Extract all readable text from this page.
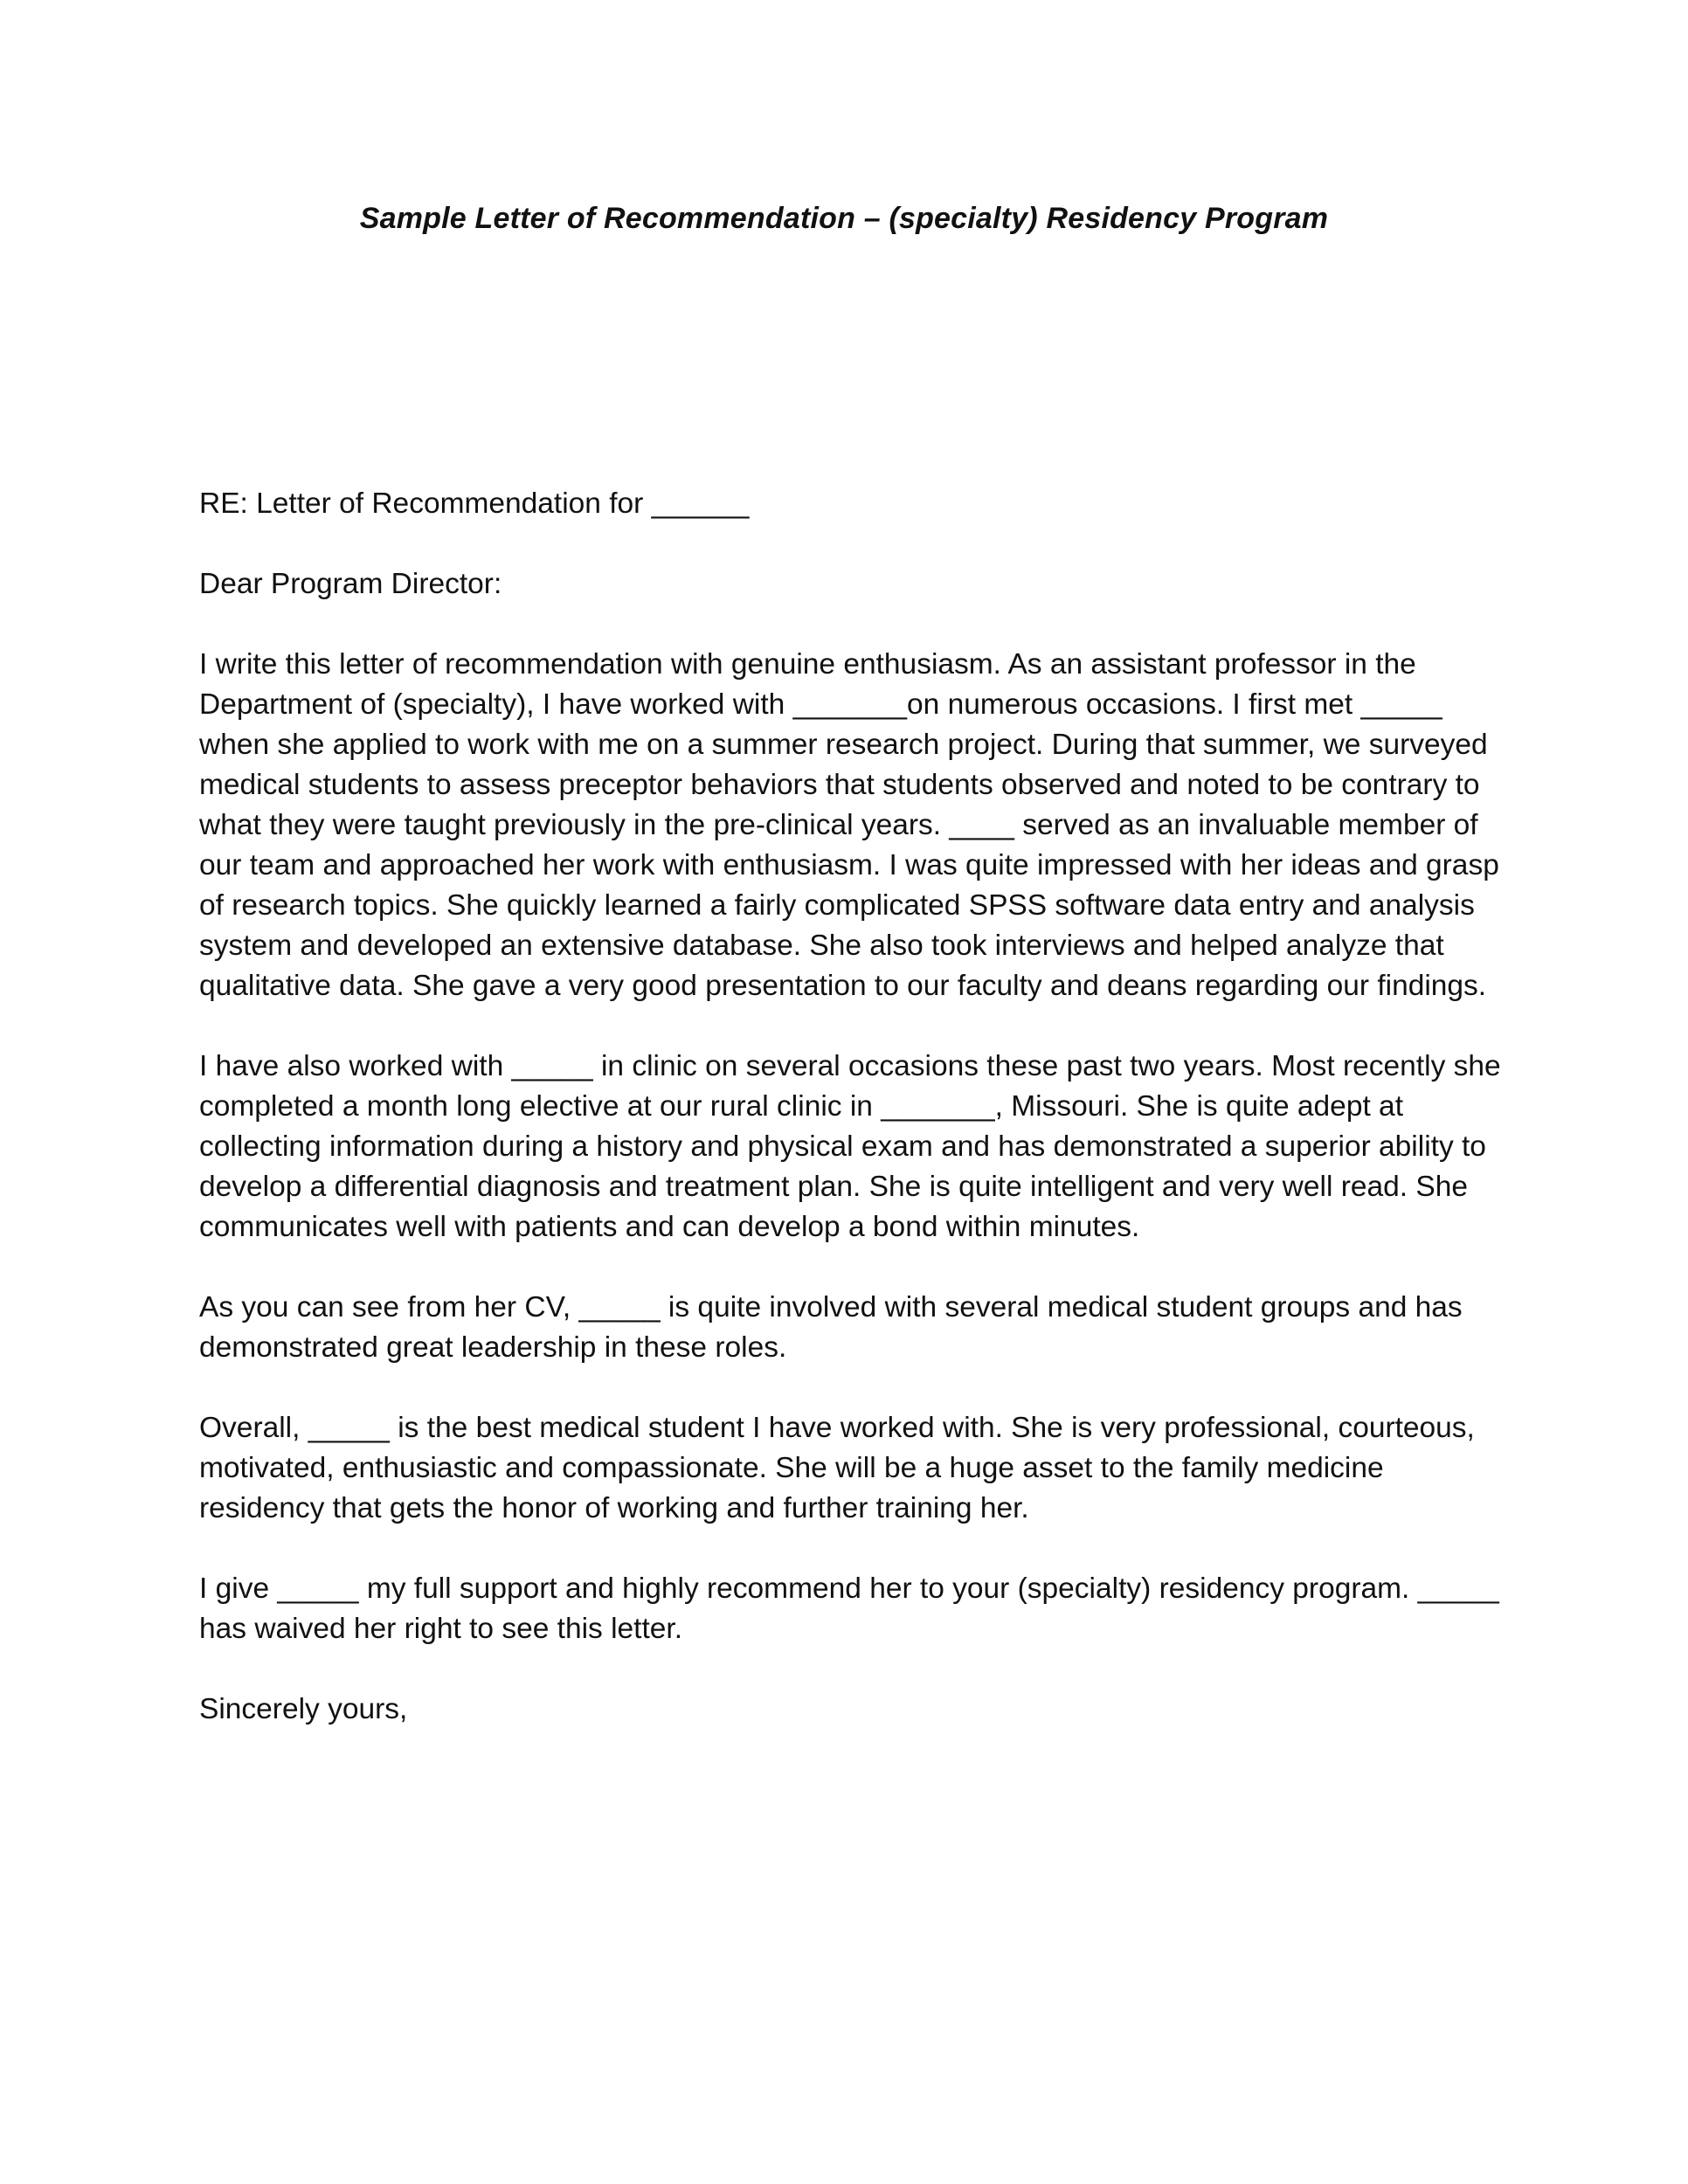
Sample Letter of Recommendation – (specialty) Residency Program

RE: Letter of Recommendation for ______

Dear Program Director:

I write this letter of recommendation with genuine enthusiasm. As an assistant professor in the Department of (specialty), I have worked with _______on numerous occasions. I first met _____ when she applied to work with me on a summer research project. During that summer, we surveyed medical students to assess preceptor behaviors that students observed and noted to be contrary to what they were taught previously in the pre-clinical years. ____ served as an invaluable member of our team and approached her work with enthusiasm. I was quite impressed with her ideas and grasp of research topics. She quickly learned a fairly complicated SPSS software data entry and analysis system and developed an extensive database. She also took interviews and helped analyze that qualitative data. She gave a very good presentation to our faculty and deans regarding our findings.

I have also worked with _____ in clinic on several occasions these past two years. Most recently she completed a month long elective at our rural clinic in _______, Missouri. She is quite adept at collecting information during a history and physical exam and has demonstrated a superior ability to develop a differential diagnosis and treatment plan. She is quite intelligent and very well read. She communicates well with patients and can develop a bond within minutes.

As you can see from her CV, _____ is quite involved with several medical student groups and has demonstrated great leadership in these roles.

Overall, _____ is the best medical student I have worked with. She is very professional, courteous, motivated, enthusiastic and compassionate. She will be a huge asset to the family medicine residency that gets the honor of working and further training her.

I give _____ my full support and highly recommend her to your (specialty) residency program. _____ has waived her right to see this letter.

Sincerely yours,
